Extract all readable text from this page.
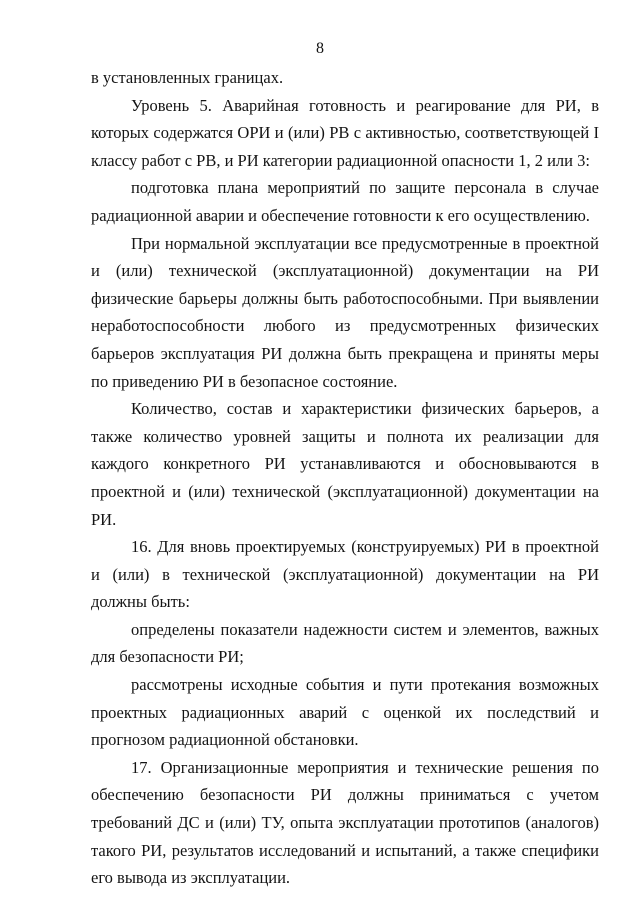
8

в установленных границах.

Уровень 5. Аварийная готовность и реагирование для РИ, в которых содержатся ОРИ и (или) РВ с активностью, соответствующей I классу работ с РВ, и РИ категории радиационной опасности 1, 2 или 3:

подготовка плана мероприятий по защите персонала в случае радиационной аварии и обеспечение готовности к его осуществлению.

При нормальной эксплуатации все предусмотренные в проектной и (или) технической (эксплуатационной) документации на РИ физические барьеры должны быть работоспособными. При выявлении неработоспособности любого из предусмотренных физических барьеров эксплуатация РИ должна быть прекращена и приняты меры по приведению РИ в безопасное состояние.

Количество, состав и характеристики физических барьеров, а также количество уровней защиты и полнота их реализации для каждого конкретного РИ устанавливаются и обосновываются в проектной и (или) технической (эксплуатационной) документации на РИ.

16. Для вновь проектируемых (конструируемых) РИ в проектной и (или) в технической (эксплуатационной) документации на РИ должны быть:

определены показатели надежности систем и элементов, важных для безопасности РИ;

рассмотрены исходные события и пути протекания возможных проектных радиационных аварий с оценкой их последствий и прогнозом радиационной обстановки.

17. Организационные мероприятия и технические решения по обеспечению безопасности РИ должны приниматься с учетом требований ДС и (или) ТУ, опыта эксплуатации прототипов (аналогов) такого РИ, результатов исследований и испытаний, а также специфики его вывода из эксплуатации.
